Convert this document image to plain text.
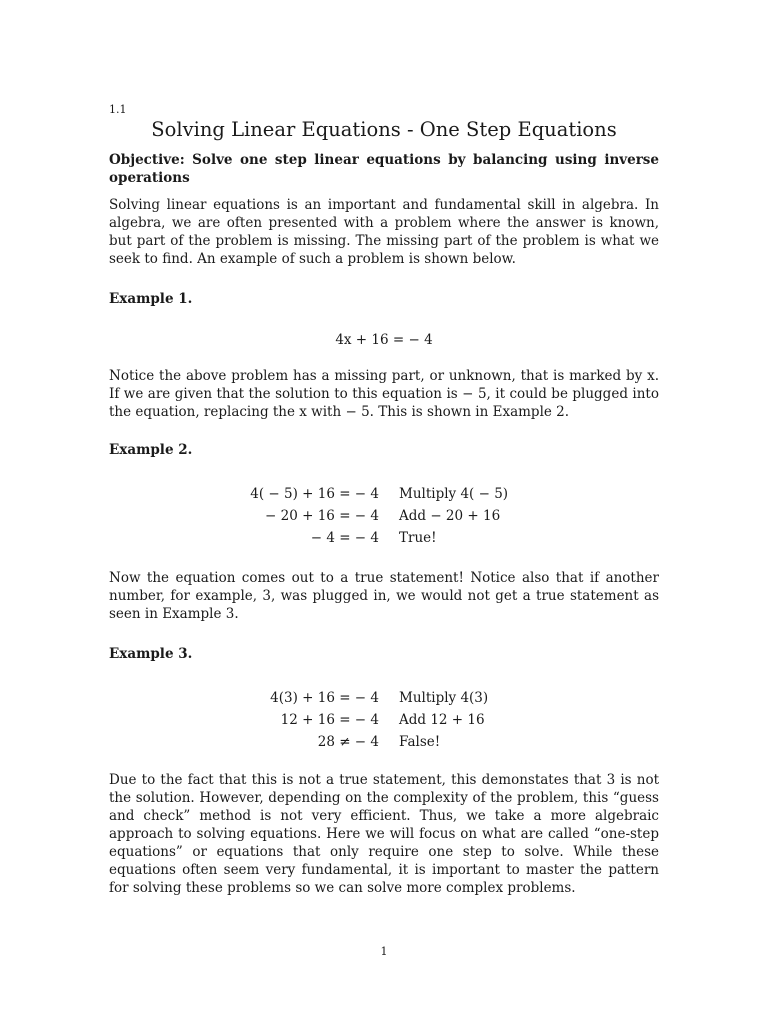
1.1
Solving Linear Equations - One Step Equations
Objective: Solve one step linear equations by balancing using inverse operations

Solving linear equations is an important and fundamental skill in algebra. In algebra, we are often presented with a problem where the answer is known, but part of the problem is missing. The missing part of the problem is what we seek to find. An example of such a problem is shown below.

Example 1.
4x + 16 = − 4

Notice the above problem has a missing part, or unknown, that is marked by x. If we are given that the solution to this equation is − 5, it could be plugged into the equation, replacing the x with − 5. This is shown in Example 2.

Example 2.
4( − 5) + 16 = − 4 Multiply 4( − 5)
− 20 + 16 = − 4 Add − 20 + 16
− 4 = − 4 True!

Now the equation comes out to a true statement! Notice also that if another number, for example, 3, was plugged in, we would not get a true statement as seen in Example 3.

Example 3.
4(3) + 16 = − 4 Multiply 4(3)
12 + 16 = − 4 Add 12 + 16
28 ≠ − 4 False!

Due to the fact that this is not a true statement, this demonstates that 3 is not the solution. However, depending on the complexity of the problem, this “guess and check” method is not very efficient. Thus, we take a more algebraic approach to solving equations. Here we will focus on what are called “one-step equations” or equations that only require one step to solve. While these equations often seem very fundamental, it is important to master the pattern for solving these problems so we can solve more complex problems.

1
